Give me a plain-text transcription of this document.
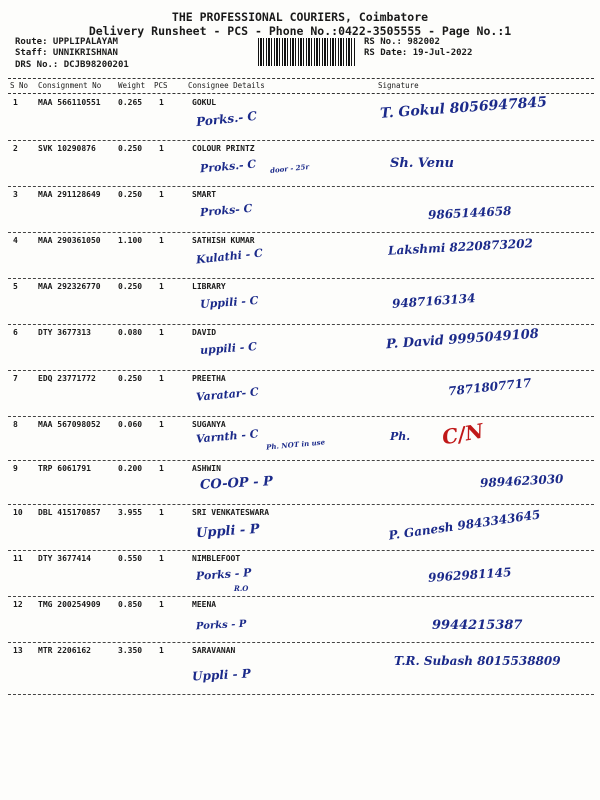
THE PROFESSIONAL COURIERS, Coimbatore
Delivery Runsheet - PCS - Phone No.:0422-3505555 - Page No.:1
Route: UPPLIPALAYAM
Staff: UNNIKRISHNAN
DRS No.: DCJB98200201
RS No.: 982002
RS Date: 19-Jul-2022
S No Consignment No Weight PCS	Consignee Details	Signature
1	MAA 566110551 0.265 1	GOKUL
Porks.- C	T. Gokul 8056947845
2	SVK 10290876	0.250 1	COLOUR PRINTZ
Proks.- C door - 25r	Sh. Venu
3	MAA 291128649 0.250 1	SMART
Proks- C	9865144658
4	MAA 290361050 1.100 1	SATHISH KUMAR
Kulathi - C	Lakshmi 8220873202
5	MAA 292326770 0.250 1	LIBRARY
Uppili - C	9487163134
6	DTY 3677313	0.080 1	DAVID
uppili - C	P. David 9995049108
7	EDQ 23771772	0.250 1	PREETHA
Varatar- C	7871807717
8	MAA 567098052 0.060 1	SUGANYA
Varnth - C Ph. NOT in use
Ph. C/N
9	TRP 6061791	0.200 1	ASHWIN
CO-OP - P	9894623030
10 DBL 415170857 3.955 1	SRI VENKATESWARA
Uppli - P	P. Ganesh 9843343645
11 DTY 3677414	0.550 1	NIMBLEFOOT
Porks - P
R.O
9962981145
12 TMG 200254909 0.850 1	MEENA
Porks - P	9944215387
13 MTR 2206162	3.350 1	SARAVANAN
Uppli - P
T.R. Subash 8015538809
